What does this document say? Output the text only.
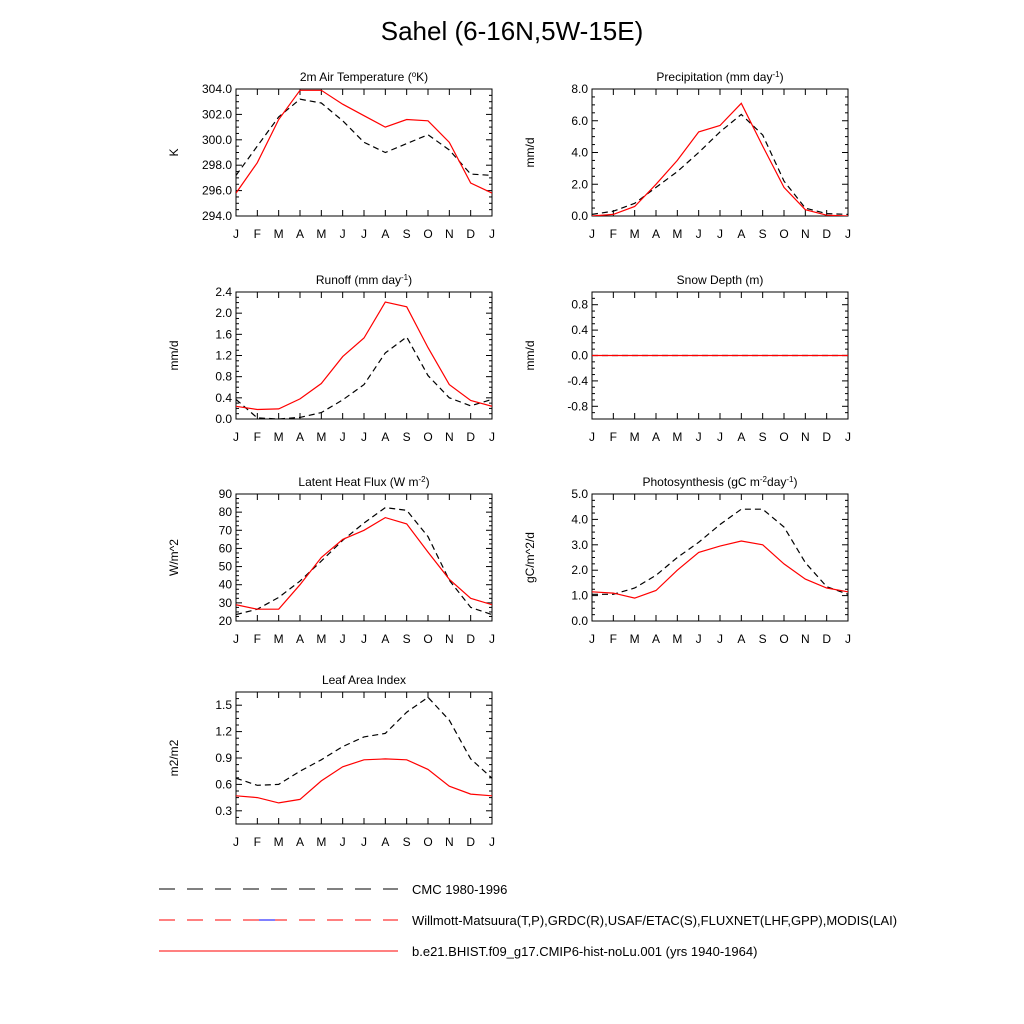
Sahel (6-16N,5W-15E)
2m Air Temperature ($^o$K)
K
294.0
296.0
298.0
300.0
302.0
304.0
J F M A M J J A S O N D J
Precipitation (mm day$^{-1}$)
mm/d
0.0
2.0
4.0
6.0
8.0
J F M A M J J A S O N D J
Runoff (mm day$^{-1}$)
mm/d
0.0
0.4
0.8
1.2
1.6
2.0
2.4
J F M A M J J A S O N D J
Snow Depth (m)
mm/d
-0.8
-0.4
0.0
0.4
0.8
J F M A M J J A S O N D J
Latent Heat Flux (W $m^{-2}$)
W/m^2
20
30
40
50
60
70
80
90
J F M A M J J A S O N D J
Photosynthesis (gC $m^{-2}day^{-1}$)
gC/m^2/d
0.0
1.0
2.0
3.0
4.0
5.0
J F M A M J J A S O N D J
Leaf Area Index
m2/m2
0.3
0.6
0.9
1.2
1.5
J F M A M J J A S O N D J
CMC 1980-1996
Willmott-Matsuura(T,P),GRDC(R),USAF/ETAC(S),FLUXNET(LHF,GPP),MODIS(LAI)
b.e21.BHIST.f09_g17.CMIP6-hist-noLu.001 (yrs 1940-1964)
